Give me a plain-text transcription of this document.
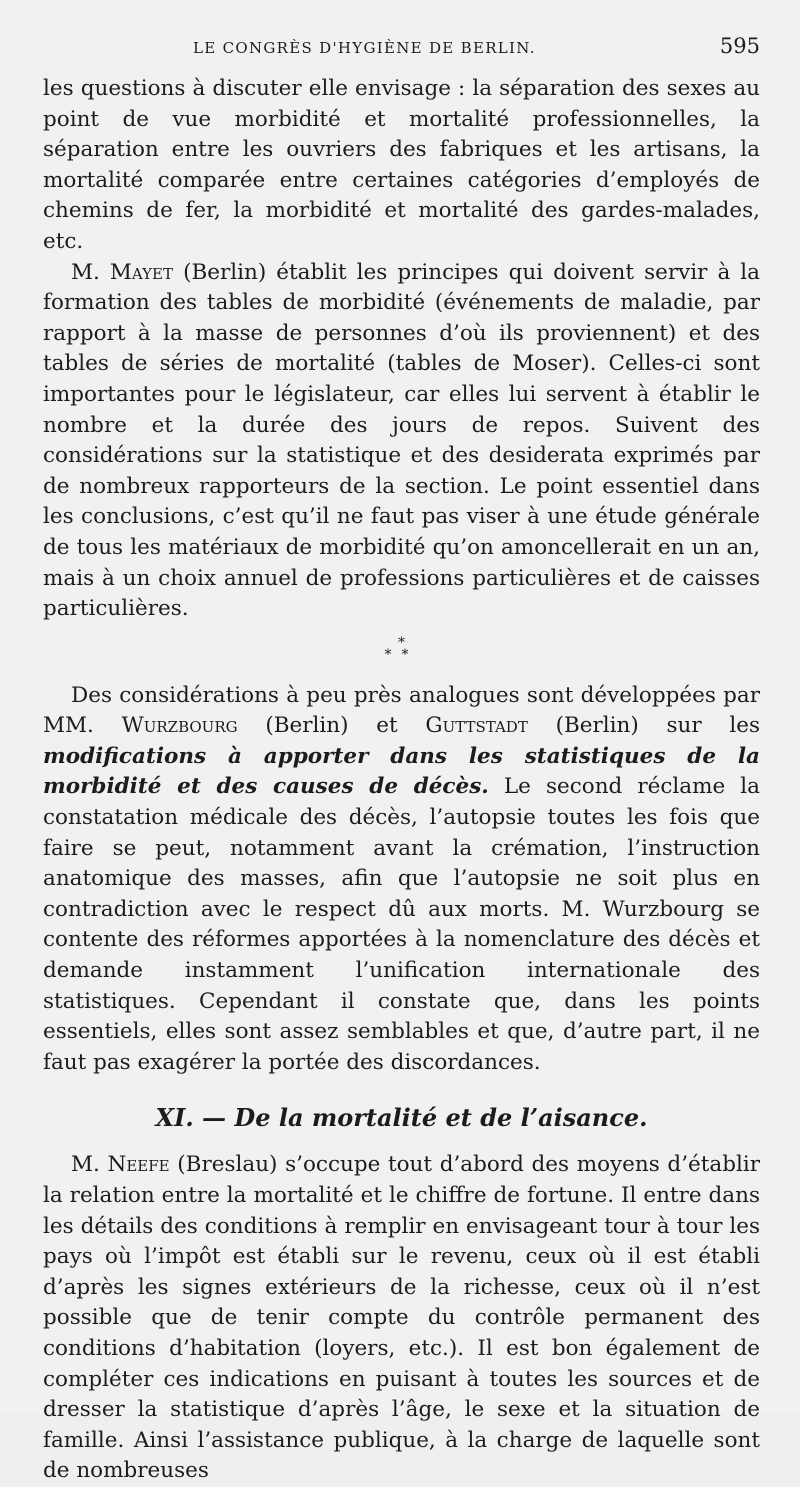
LE CONGRÈS D'HYGIÈNE DE BERLIN.	595

les questions à discuter elle envisage : la séparation des sexes au point de vue morbidité et mortalité professionnelles, la séparation entre les ouvriers des fabriques et les artisans, la mortalité comparée entre certaines catégories d’employés de chemins de fer, la morbidité et mortalité des gardes-malades, etc.

M. Mayet (Berlin) établit les principes qui doivent servir à la formation des tables de morbidité (événements de maladie, par rapport à la masse de personnes d’où ils proviennent) et des tables de séries de mortalité (tables de Moser). Celles-ci sont importantes pour le législateur, car elles lui servent à établir le nombre et la durée des jours de repos. Suivent des considérations sur la statistique et des desiderata exprimés par de nombreux rapporteurs de la section. Le point essentiel dans les conclusions, c’est qu’il ne faut pas viser à une étude générale de tous les matériaux de morbidité qu’on amoncellerait en un an, mais à un choix annuel de professions particulières et de caisses particulières.

*
**

Des considérations à peu près analogues sont développées par MM. Wurzbourg (Berlin) et Guttstadt (Berlin) sur les modifications à apporter dans les statistiques de la morbidité et des causes de décès. Le second réclame la constatation médicale des décès, l’autopsie toutes les fois que faire se peut, notamment avant la crémation, l’instruction anatomique des masses, afin que l’autopsie ne soit plus en contradiction avec le respect dû aux morts. M. Wurzbourg se contente des réformes apportées à la nomenclature des décès et demande instamment l’unification internationale des statistiques. Cependant il constate que, dans les points essentiels, elles sont assez semblables et que, d’autre part, il ne faut pas exagérer la portée des discordances.

XI. — De la mortalité et de l’aisance.

M. Neefe (Breslau) s’occupe tout d’abord des moyens d’établir la relation entre la mortalité et le chiffre de fortune. Il entre dans les détails des conditions à remplir en envisageant tour à tour les pays où l’impôt est établi sur le revenu, ceux où il est établi d’après les signes extérieurs de la richesse, ceux où il n’est possible que de tenir compte du contrôle permanent des conditions d’habitation (loyers, etc.). Il est bon également de compléter ces indications en puisant à toutes les sources et de dresser la statistique d’après l’âge, le sexe et la situation de famille. Ainsi l’assistance publique, à la charge de laquelle sont de nombreuses
